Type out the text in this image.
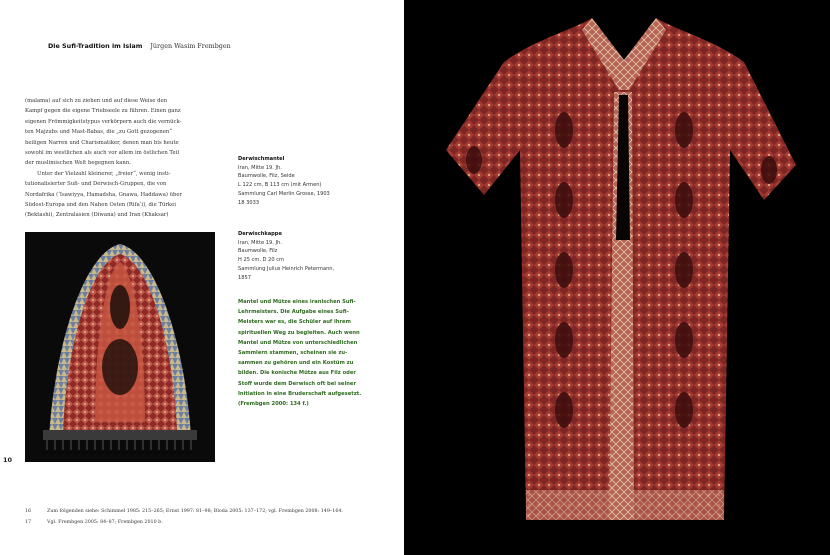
Die Sufi-Tradition im Islam Jürgen Wasim Frembgen

(malama) auf sich zu ziehen und auf diese Weise den

Kampf gegen die eigene Triebseele zu führen. Einen ganz

eigenen Frömmigkeitstypus verkörpern auch die vernück-

ten Majzubs und Mast-Babas, die „zu Gott gezogenen“

heiligen Narren und Charismatiker, denen man bis heute

sowohl im westlichen als auch vor allem im östlichen Teil

der muslimischen Welt begegnen kann.

Unter der Vielzahl kleinerer, „freier“, wenig insti-

tutionalisierter Sufi- und Derwisch-Gruppen, die von

Nordafrika (‘Isawiyya, Hamadsha, Gnawa, Haddawa) über

Südost-Europa und den Nahen Osten (Rifa‘i), die Türkei

(Bektashi), Zentralasien (Diwana) und Iran (Khaksar)

Derwischmantel
Iran, Mitte 19. Jh.
Baumwolle, Filz, Seide
L 122 cm, B 113 cm (mit Armen)
Sammlung Carl Merlin Grosse, 1903
18 3033
Derwischkappe
Iran, Mitte 19. Jh.
Baumwolle, Filz
H 25 cm, D 20 cm
Sammlung Julius Heinrich Petermann,
1857
Mantel und Mütze eines iranischen Sufi-
Lehrmeisters. Die Aufgabe eines Sufi-
Meisters war es, die Schüler auf ihrem
spirituellen Weg zu begleiten. Auch wenn
Mantel und Mütze von unterschiedlichen
Sammlern stammen, scheinen sie zu-
sammen zu gehören und ein Kostüm zu
bilden. Die konische Mütze aus Filz oder
Stoff wurde dem Derwisch oft bei seiner
Initiation in eine Bruderschaft aufgesetzt.
(Frembgen 2000: 134 f.)
10
16	Zum folgenden siehe: Schimmel 1985: 215–265; Ernst 1997: 81–98; Bloda 2005: 137–172; vgl. Frembgen 2008: 149–164.
17	Vgl. Frembgen 2005: 84–87; Frembgen 2010 b.
